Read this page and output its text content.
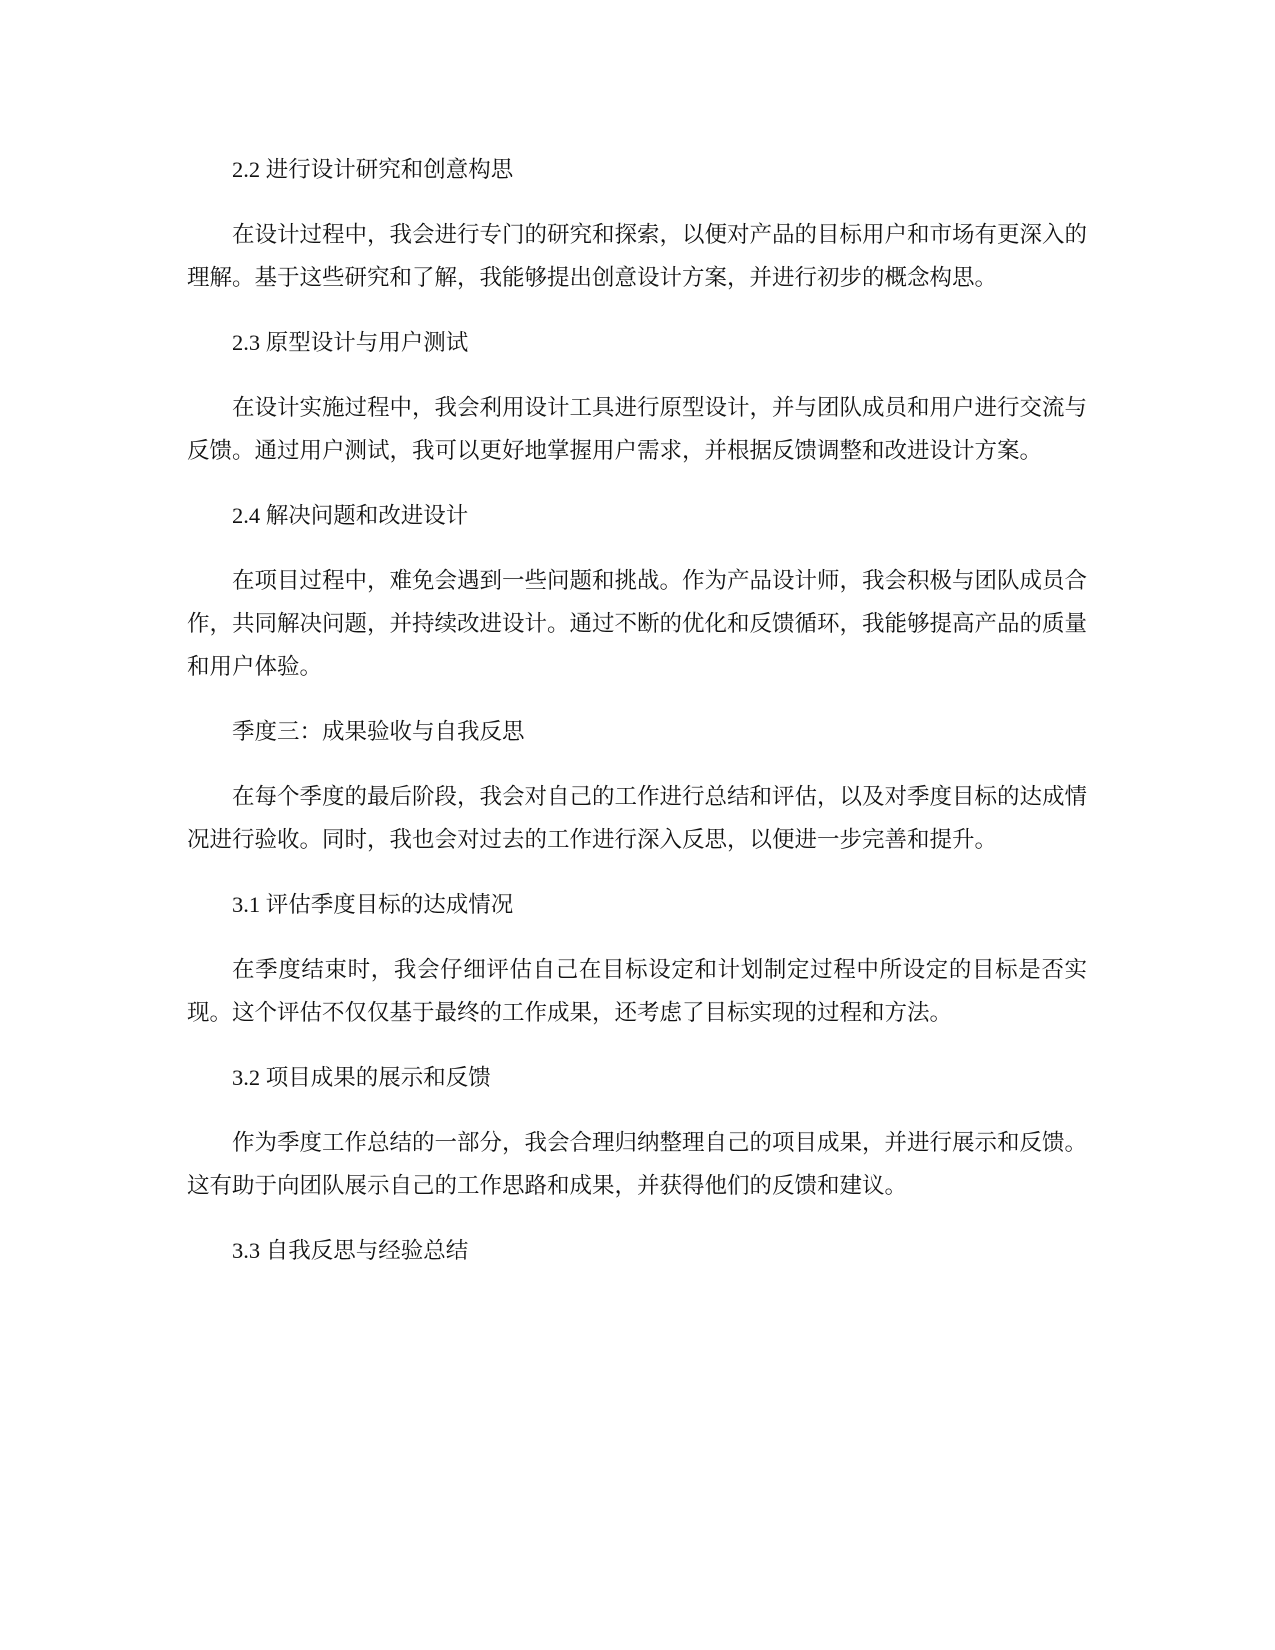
2.2 进行设计研究和创意构思
在设计过程中，我会进行专门的研究和探索，以便对产品的目标用户和市场有更深入的理解。基于这些研究和了解，我能够提出创意设计方案，并进行初步的概念构思。
2.3 原型设计与用户测试
在设计实施过程中，我会利用设计工具进行原型设计，并与团队成员和用户进行交流与反馈。通过用户测试，我可以更好地掌握用户需求，并根据反馈调整和改进设计方案。
2.4 解决问题和改进设计
在项目过程中，难免会遇到一些问题和挑战。作为产品设计师，我会积极与团队成员合作，共同解决问题，并持续改进设计。通过不断的优化和反馈循环，我能够提高产品的质量和用户体验。
季度三：成果验收与自我反思
在每个季度的最后阶段，我会对自己的工作进行总结和评估，以及对季度目标的达成情况进行验收。同时，我也会对过去的工作进行深入反思，以便进一步完善和提升。
3.1 评估季度目标的达成情况
在季度结束时，我会仔细评估自己在目标设定和计划制定过程中所设定的目标是否实现。这个评估不仅仅基于最终的工作成果，还考虑了目标实现的过程和方法。
3.2 项目成果的展示和反馈
作为季度工作总结的一部分，我会合理归纳整理自己的项目成果，并进行展示和反馈。这有助于向团队展示自己的工作思路和成果，并获得他们的反馈和建议。
3.3 自我反思与经验总结
